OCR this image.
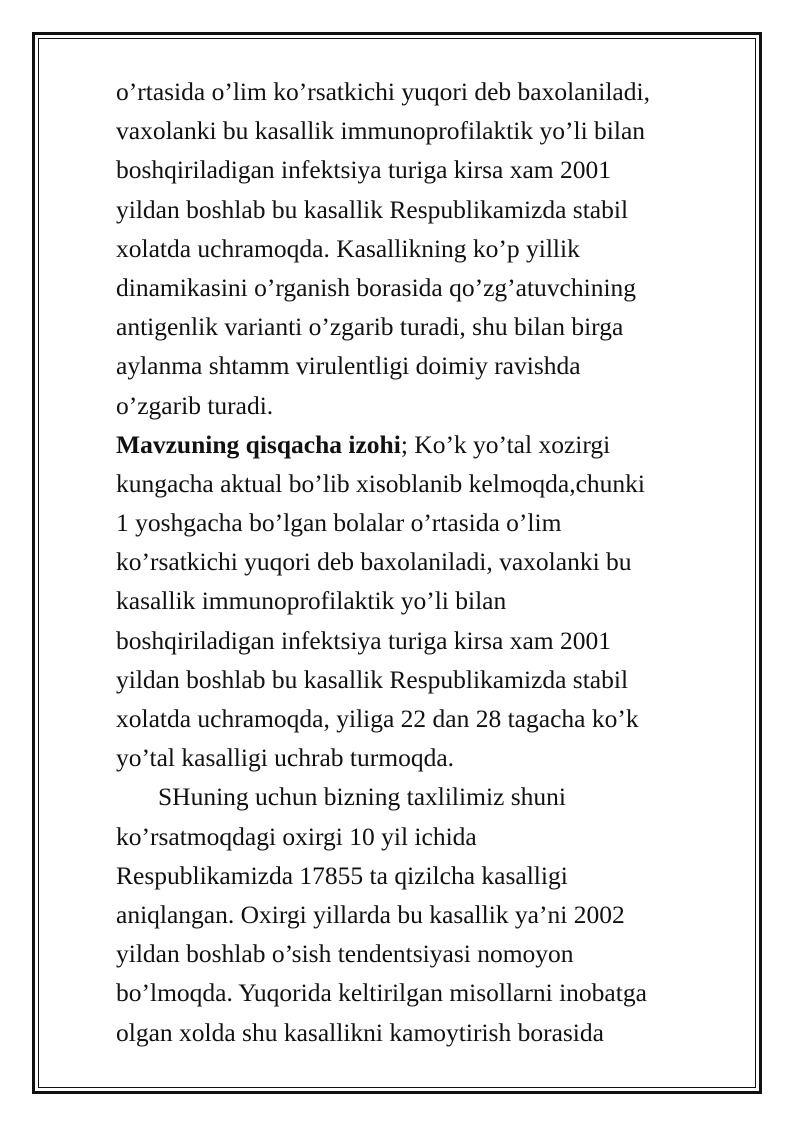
o’rtasida o’lim ko’rsatkichi yuqori deb baxolaniladi,
vaxolanki bu kasallik immunoprofilaktik yo’li bilan
boshqiriladigan infektsiya turiga kirsa xam 2001
yildan boshlab bu kasallik Respublikamizda stabil
xolatda uchramoqda. Kasallikning ko’p yillik
dinamikasini o’rganish borasida qo’zg’atuvchining
antigenlik varianti o’zgarib turadi, shu bilan birga
aylanma shtamm virulentligi doimiy ravishda
o’zgarib turadi.
Mavzuning qisqacha izohi; Ko’k yo’tal xozirgi
kungacha aktual bo’lib xisoblanib kelmoqda,chunki
1 yoshgacha bo’lgan bolalar o’rtasida o’lim
ko’rsatkichi yuqori deb baxolaniladi, vaxolanki bu
kasallik immunoprofilaktik yo’li bilan
boshqiriladigan infektsiya turiga kirsa xam 2001
yildan boshlab bu kasallik Respublikamizda stabil
xolatda uchramoqda, yiliga 22 dan 28 tagacha ko’k
yo’tal kasalligi uchrab turmoqda.
SHuning uchun bizning taxlilimiz shuni
ko’rsatmoqdagi oxirgi 10 yil ichida
Respublikamizda 17855 ta qizilcha kasalligi
aniqlangan. Oxirgi yillarda bu kasallik ya’ni 2002
yildan boshlab o’sish tendentsiyasi nomoyon
bo’lmoqda. Yuqorida keltirilgan misollarni inobatga
olgan xolda shu kasallikni kamoytirish borasida
